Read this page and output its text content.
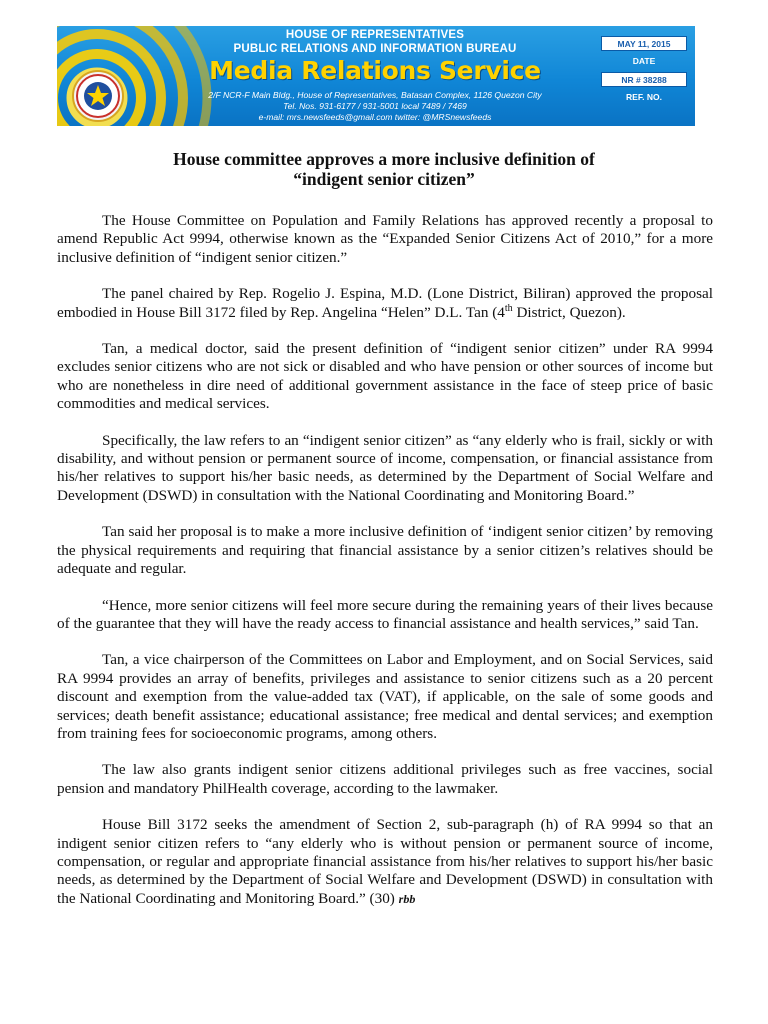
HOUSE OF REPRESENTATIVES
PUBLIC RELATIONS AND INFORMATION BUREAU
Media Relations Service
2/F NCR-F Main Bldg., House of Representatives, Batasan Complex, 1126 Quezon City
Tel. Nos. 931-6177 / 931-5001 local 7489 / 7469
e-mail: mrs.newsfeeds@gmail.com twitter: @MRSnewsfeeds
MAY 11, 2015
DATE
NR # 38288
REF. NO.
House committee approves a more inclusive definition of
“indigent senior citizen”

The House Committee on Population and Family Relations has approved recently a proposal to amend Republic Act 9994, otherwise known as the “Expanded Senior Citizens Act of 2010,” for a more inclusive definition of “indigent senior citizen.”

The panel chaired by Rep. Rogelio J. Espina, M.D. (Lone District, Biliran) approved the proposal embodied in House Bill 3172 filed by Rep. Angelina “Helen” D.L. Tan (4th District, Quezon).

Tan, a medical doctor, said the present definition of “indigent senior citizen” under RA 9994 excludes senior citizens who are not sick or disabled and who have pension or other sources of income but who are nonetheless in dire need of additional government assistance in the face of steep price of basic commodities and medical services.

Specifically, the law refers to an “indigent senior citizen” as “any elderly who is frail, sickly or with disability, and without pension or permanent source of income, compensation, or financial assistance from his/her relatives to support his/her basic needs, as determined by the Department of Social Welfare and Development (DSWD) in consultation with the National Coordinating and Monitoring Board.”

Tan said her proposal is to make a more inclusive definition of ‘indigent senior citizen’ by removing the physical requirements and requiring that financial assistance by a senior citizen’s relatives should be adequate and regular.

“Hence, more senior citizens will feel more secure during the remaining years of their lives because of the guarantee that they will have the ready access to financial assistance and health services,” said Tan.

Tan, a vice chairperson of the Committees on Labor and Employment, and on Social Services, said RA 9994 provides an array of benefits, privileges and assistance to senior citizens such as a 20 percent discount and exemption from the value-added tax (VAT), if applicable, on the sale of some goods and services; death benefit assistance; educational assistance; free medical and dental services; and exemption from training fees for socioeconomic programs, among others.

The law also grants indigent senior citizens additional privileges such as free vaccines, social pension and mandatory PhilHealth coverage, according to the lawmaker.

House Bill 3172 seeks the amendment of Section 2, sub-paragraph (h) of RA 9994 so that an indigent senior citizen refers to “any elderly who is without pension or permanent source of income, compensation, or regular and appropriate financial assistance from his/her relatives to support his/her basic needs, as determined by the Department of Social Welfare and Development (DSWD) in consultation with the National Coordinating and Monitoring Board.” (30) rbb
